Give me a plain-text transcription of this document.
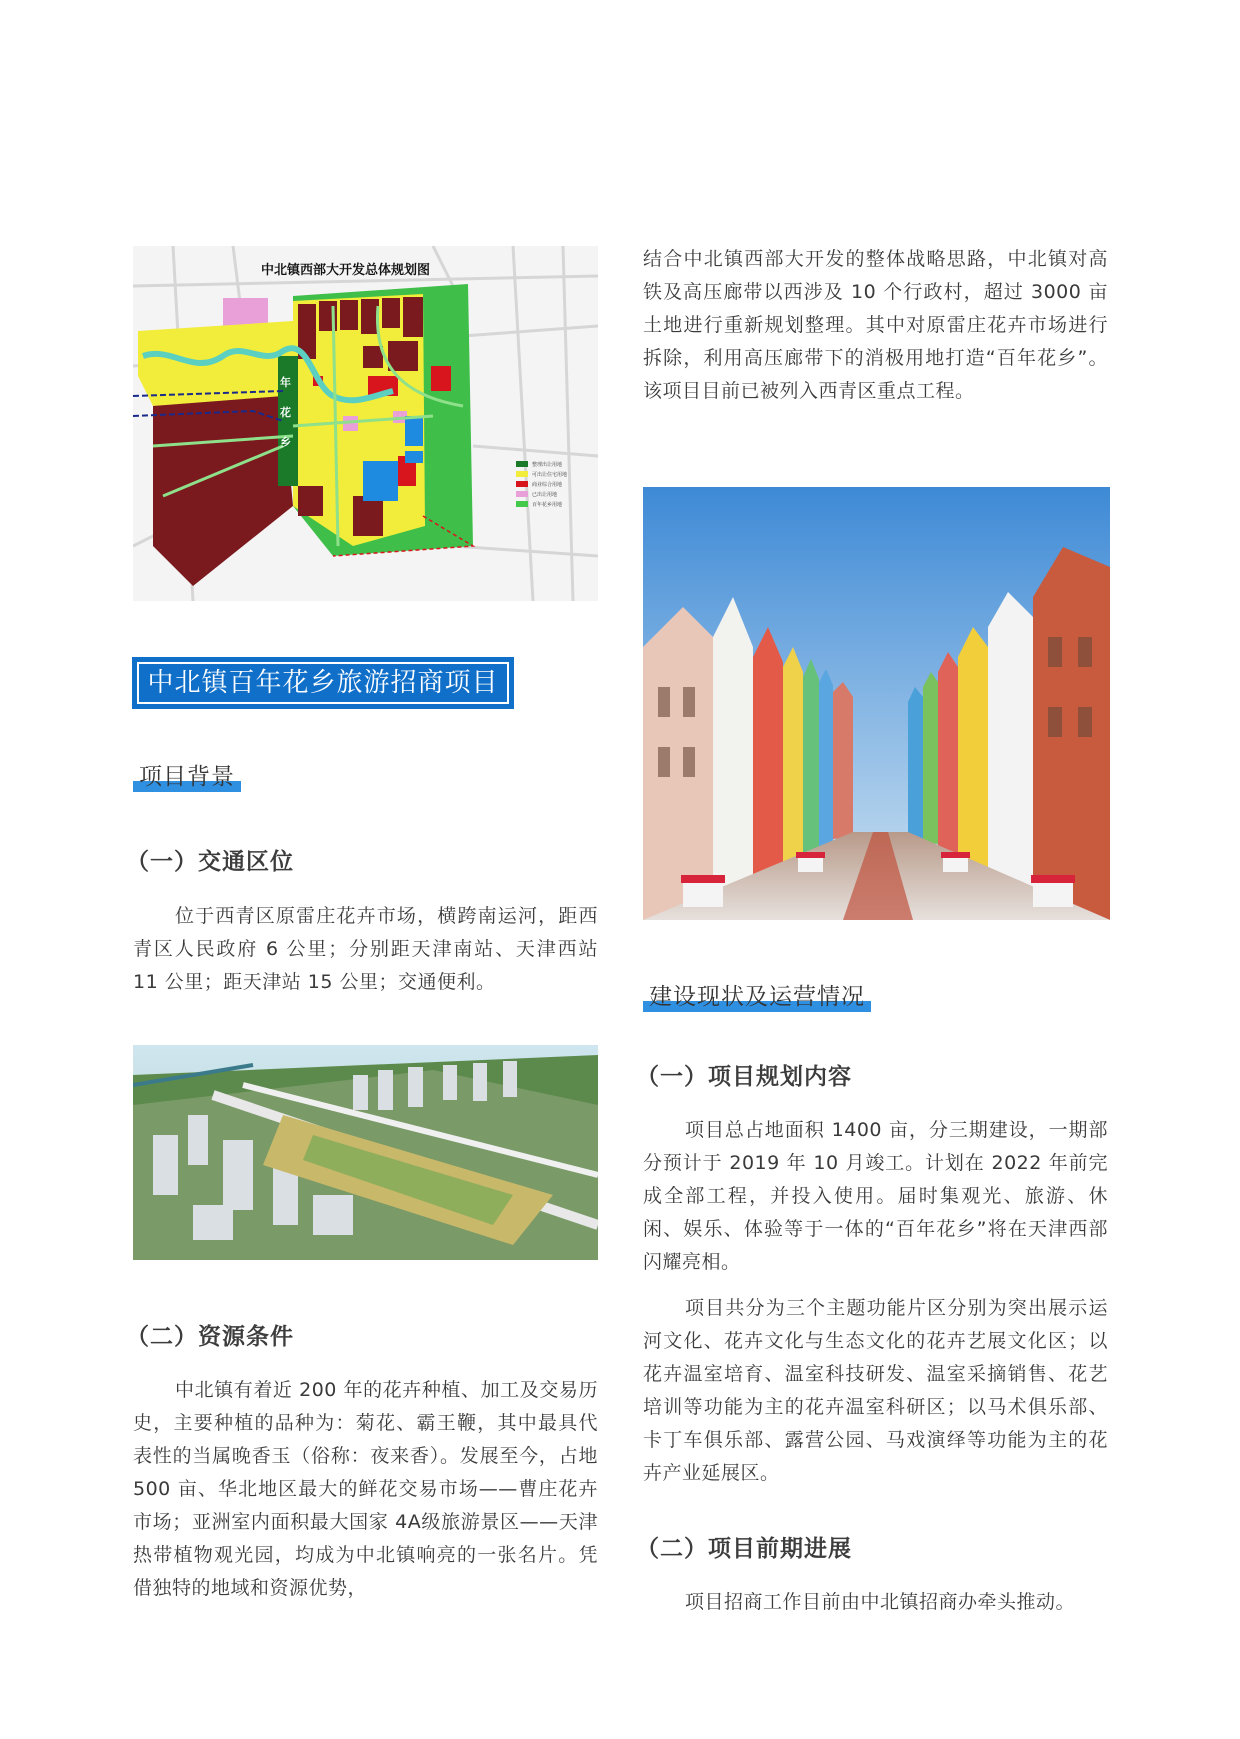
中北镇西部大开发总体规划图
年
花
乡
整理出让用地
可出让住宅用地
商业综合用地
已出让用地
百年花乡用地
中北镇百年花乡旅游招商项目
项目背景
（一）交通区位

位于西青区原雷庄花卉市场，横跨南运河，距西青区人民政府 6 公里；分别距天津南站、天津西站 11 公里；距天津站 15 公里；交通便利。

（二）资源条件

中北镇有着近 200 年的花卉种植、加工及交易历史，主要种植的品种为：菊花、霸王鞭，其中最具代表性的当属晚香玉（俗称：夜来香）。发展至今，占地 500 亩、华北地区最大的鲜花交易市场——曹庄花卉市场；亚洲室内面积最大国家 4A级旅游景区——天津热带植物观光园，均成为中北镇响亮的一张名片。凭借独特的地域和资源优势，

结合中北镇西部大开发的整体战略思路，中北镇对高铁及高压廊带以西涉及 10 个行政村，超过 3000 亩土地进行重新规划整理。其中对原雷庄花卉市场进行拆除，利用高压廊带下的消极用地打造“百年花乡”。该项目目前已被列入西青区重点工程。

建设现状及运营情况
（一）项目规划内容

项目总占地面积 1400 亩，分三期建设，一期部分预计于 2019 年 10 月竣工。计划在 2022 年前完成全部工程，并投入使用。届时集观光、旅游、休闲、娱乐、体验等于一体的“百年花乡”将在天津西部闪耀亮相。

项目共分为三个主题功能片区分别为突出展示运河文化、花卉文化与生态文化的花卉艺展文化区；以花卉温室培育、温室科技研发、温室采摘销售、花艺培训等功能为主的花卉温室科研区；以马术俱乐部、卡丁车俱乐部、露营公园、马戏演绎等功能为主的花卉产业延展区。

（二）项目前期进展

项目招商工作目前由中北镇招商办牵头推动。
